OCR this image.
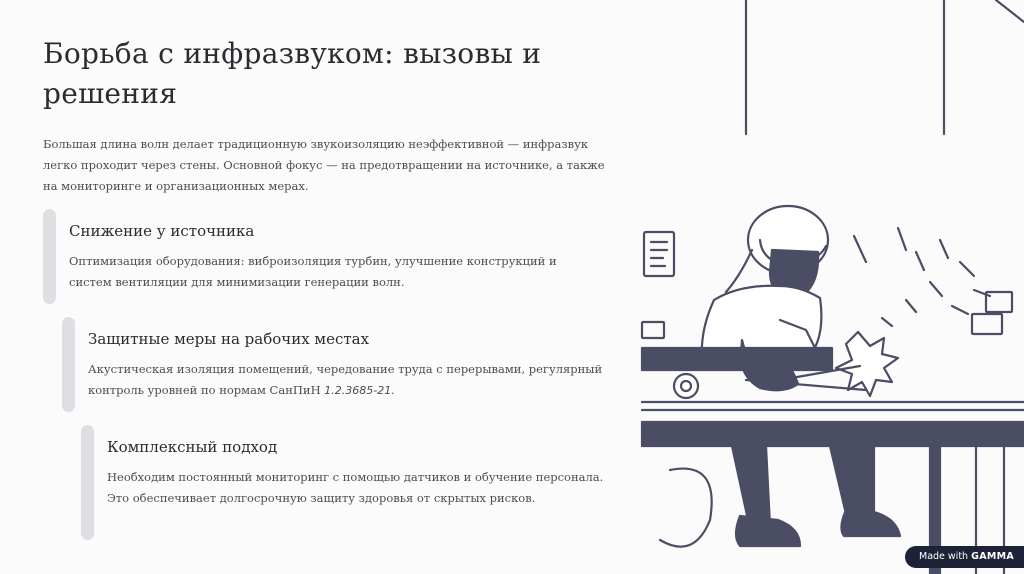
Борьба с инфразвуком: вызовы и решения

Большая длина волн делает традиционную звукоизоляцию неэффективной — инфразвук легко проходит через стены. Основной фокус — на предотвращении на источнике, а также на мониторинге и организационных мерах.

Снижение у источника
Оптимизация оборудования: виброизоляция турбин, улучшение конструкций и систем вентиляции для минимизации генерации волн.
Защитные меры на рабочих местах
Акустическая изоляция помещений, чередование труда с перерывами, регулярный контроль уровней по нормам СанПиН 1.2.3685-21.
Комплексный подход
Необходим постоянный мониторинг с помощью датчиков и обучение персонала. Это обеспечивает долгосрочную защиту здоровья от скрытых рисков.
Made with GAMMA
